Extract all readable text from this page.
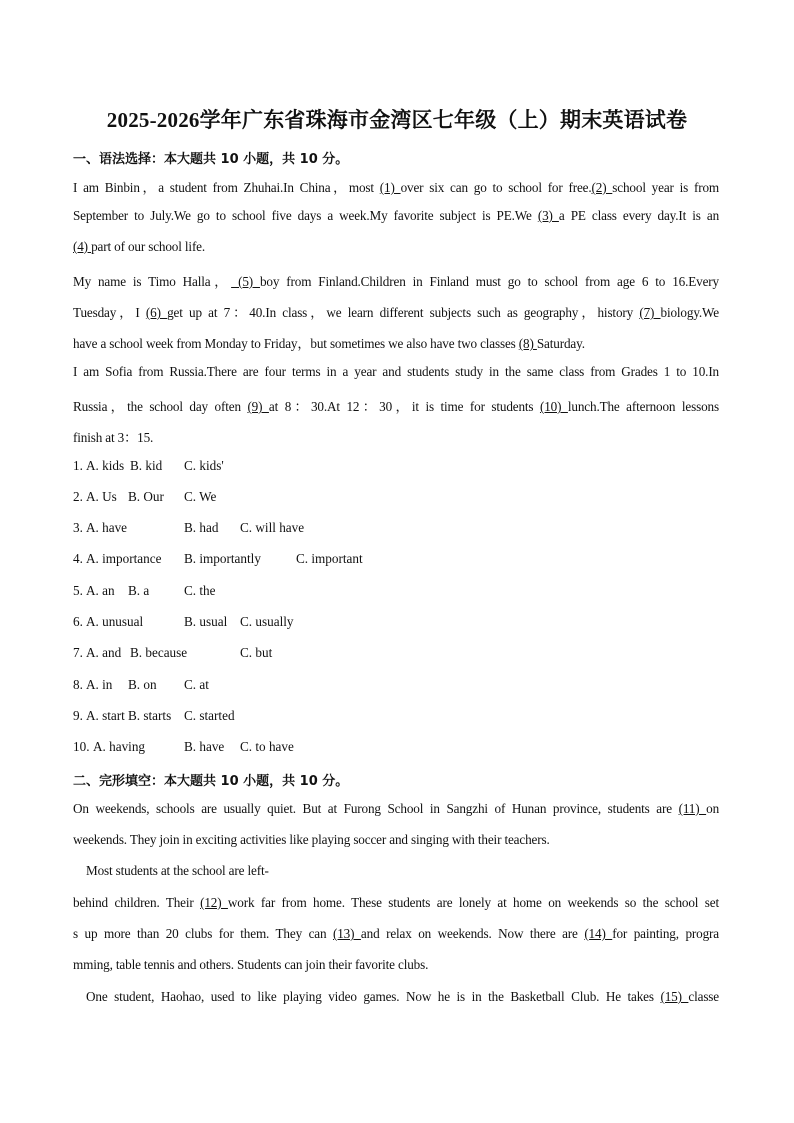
2025-2026学年广东省珠海市金湾区七年级（上）期末英语试卷
一、语法选择：本大题共 10 小题，共 10 分。
I am Binbin，a student from Zhuhai.In China，most (1) over six can go to school for free.(2) school year is from
September to July.We go to school five days a week.My favorite subject is PE.We (3) a PE class every day.It is an
(4) part of our school life.
My name is Timo Halla， (5) boy from Finland.Children in Finland must go to school from age 6 to 16.Every
Tuesday，I (6) get up at 7：40.In class，we learn different subjects such as geography，history (7) biology.We
have a school week from Monday to Friday，but sometimes we also have two classes (8) Saturday.
I am Sofia from Russia.There are four terms in a year and students study in the same class from Grades 1 to 10.In
Russia，the school day often (9) at 8：30.At 12：30，it is time for students (10) lunch.The afternoon lessons
finish at 3：15.
1. A. kids B. kid C. kids'
2. A. Us B. Our C. We
3. A. have	B. had C. will have
4. A. importance B. importantly	C. important
5. A. an B. a	C. the
6. A. unusual	B. usual C. usually
7. A. and B. because	C. but
8. A. in B. on C. at
9. A. start B. starts C. started
10. A. having	B. have C. to have
二、完形填空：本大题共 10 小题，共 10 分。
On weekends, schools are usually quiet. But at Furong School in Sangzhi of Hunan province, students are (11) on
weekends. They join in exciting activities like playing soccer and singing with their teachers.
Most students at the school are left-
behind children. Their (12) work far from home. These students are lonely at home on weekends so the school set
s up more than 20 clubs for them. They can (13) and relax on weekends. Now there are (14) for painting, progra
mming, table tennis and others. Students can join their favorite clubs.
One student, Haohao, used to like playing video games. Now he is in the Basketball Club. He takes (15) classe
